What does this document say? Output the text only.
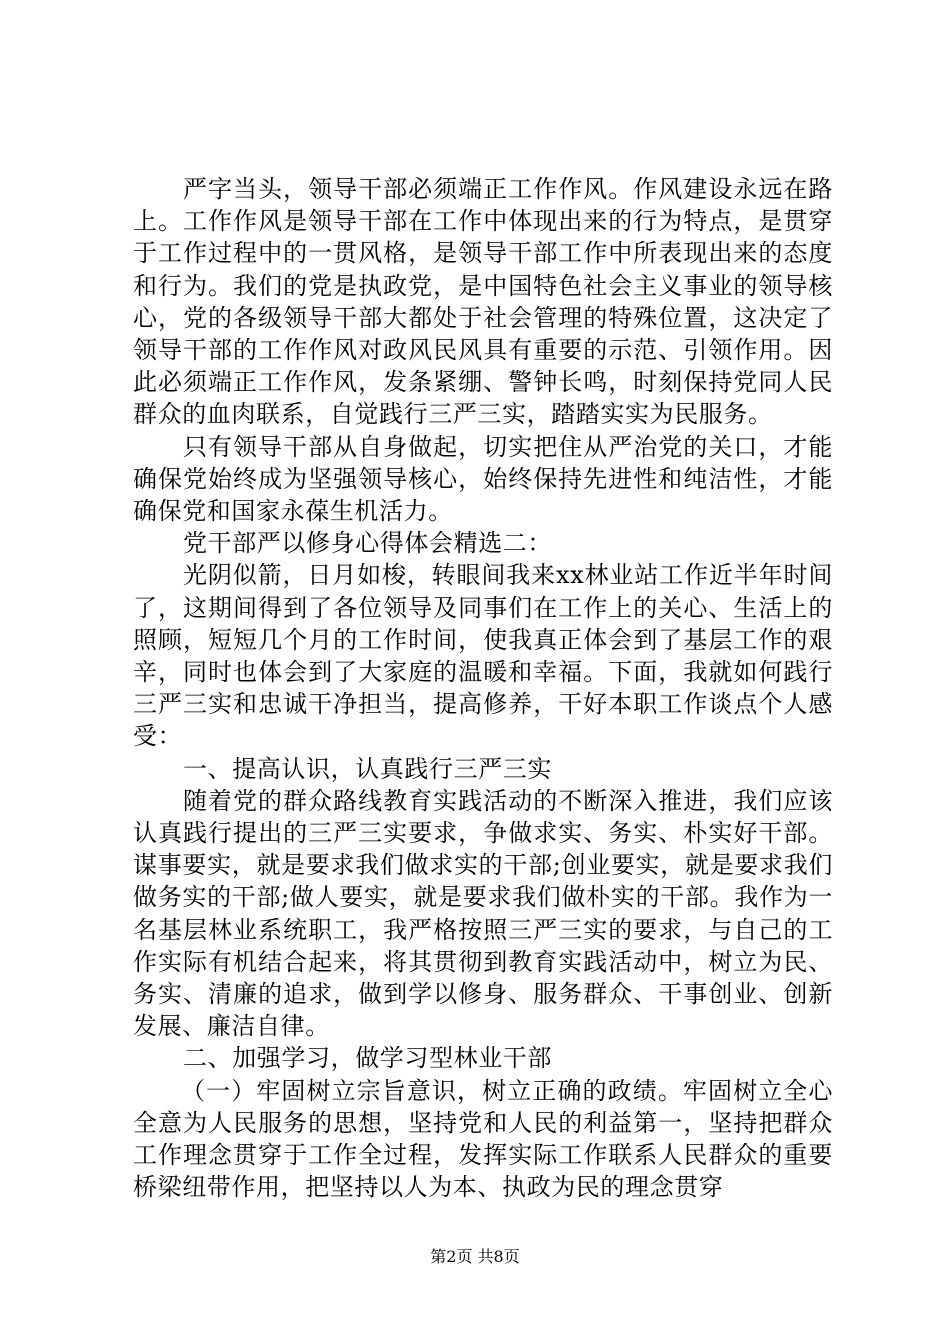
严字当头，领导干部必须端正工作作风。作风建设永远在路上。工作作风是领导干部在工作中体现出来的行为特点，是贯穿于工作过程中的一贯风格，是领导干部工作中所表现出来的态度和行为。我们的党是执政党，是中国特色社会主义事业的领导核心，党的各级领导干部大都处于社会管理的特殊位置，这决定了领导干部的工作作风对政风民风具有重要的示范、引领作用。因此必须端正工作作风，发条紧绷、警钟长鸣，时刻保持党同人民群众的血肉联系，自觉践行三严三实，踏踏实实为民服务。

只有领导干部从自身做起，切实把住从严治党的关口，才能确保党始终成为坚强领导核心，始终保持先进性和纯洁性，才能确保党和国家永葆生机活力。

党干部严以修身心得体会精选二：

光阴似箭，日月如梭，转眼间我来xx林业站工作近半年时间了，这期间得到了各位领导及同事们在工作上的关心、生活上的照顾，短短几个月的工作时间，使我真正体会到了基层工作的艰辛，同时也体会到了大家庭的温暖和幸福。下面，我就如何践行三严三实和忠诚干净担当，提高修养，干好本职工作谈点个人感受：

一、提高认识，认真践行三严三实

随着党的群众路线教育实践活动的不断深入推进，我们应该认真践行提出的三严三实要求，争做求实、务实、朴实好干部。谋事要实，就是要求我们做求实的干部;创业要实，就是要求我们做务实的干部;做人要实，就是要求我们做朴实的干部。我作为一名基层林业系统职工，我严格按照三严三实的要求，与自己的工作实际有机结合起来，将其贯彻到教育实践活动中，树立为民、务实、清廉的追求，做到学以修身、服务群众、干事创业、创新发展、廉洁自律。

二、加强学习，做学习型林业干部

（一）牢固树立宗旨意识，树立正确的政绩。牢固树立全心全意为人民服务的思想，坚持党和人民的利益第一，坚持把群众工作理念贯穿于工作全过程，发挥实际工作联系人民群众的重要桥梁纽带作用，把坚持以人为本、执政为民的理念贯穿

第2页 共8页
